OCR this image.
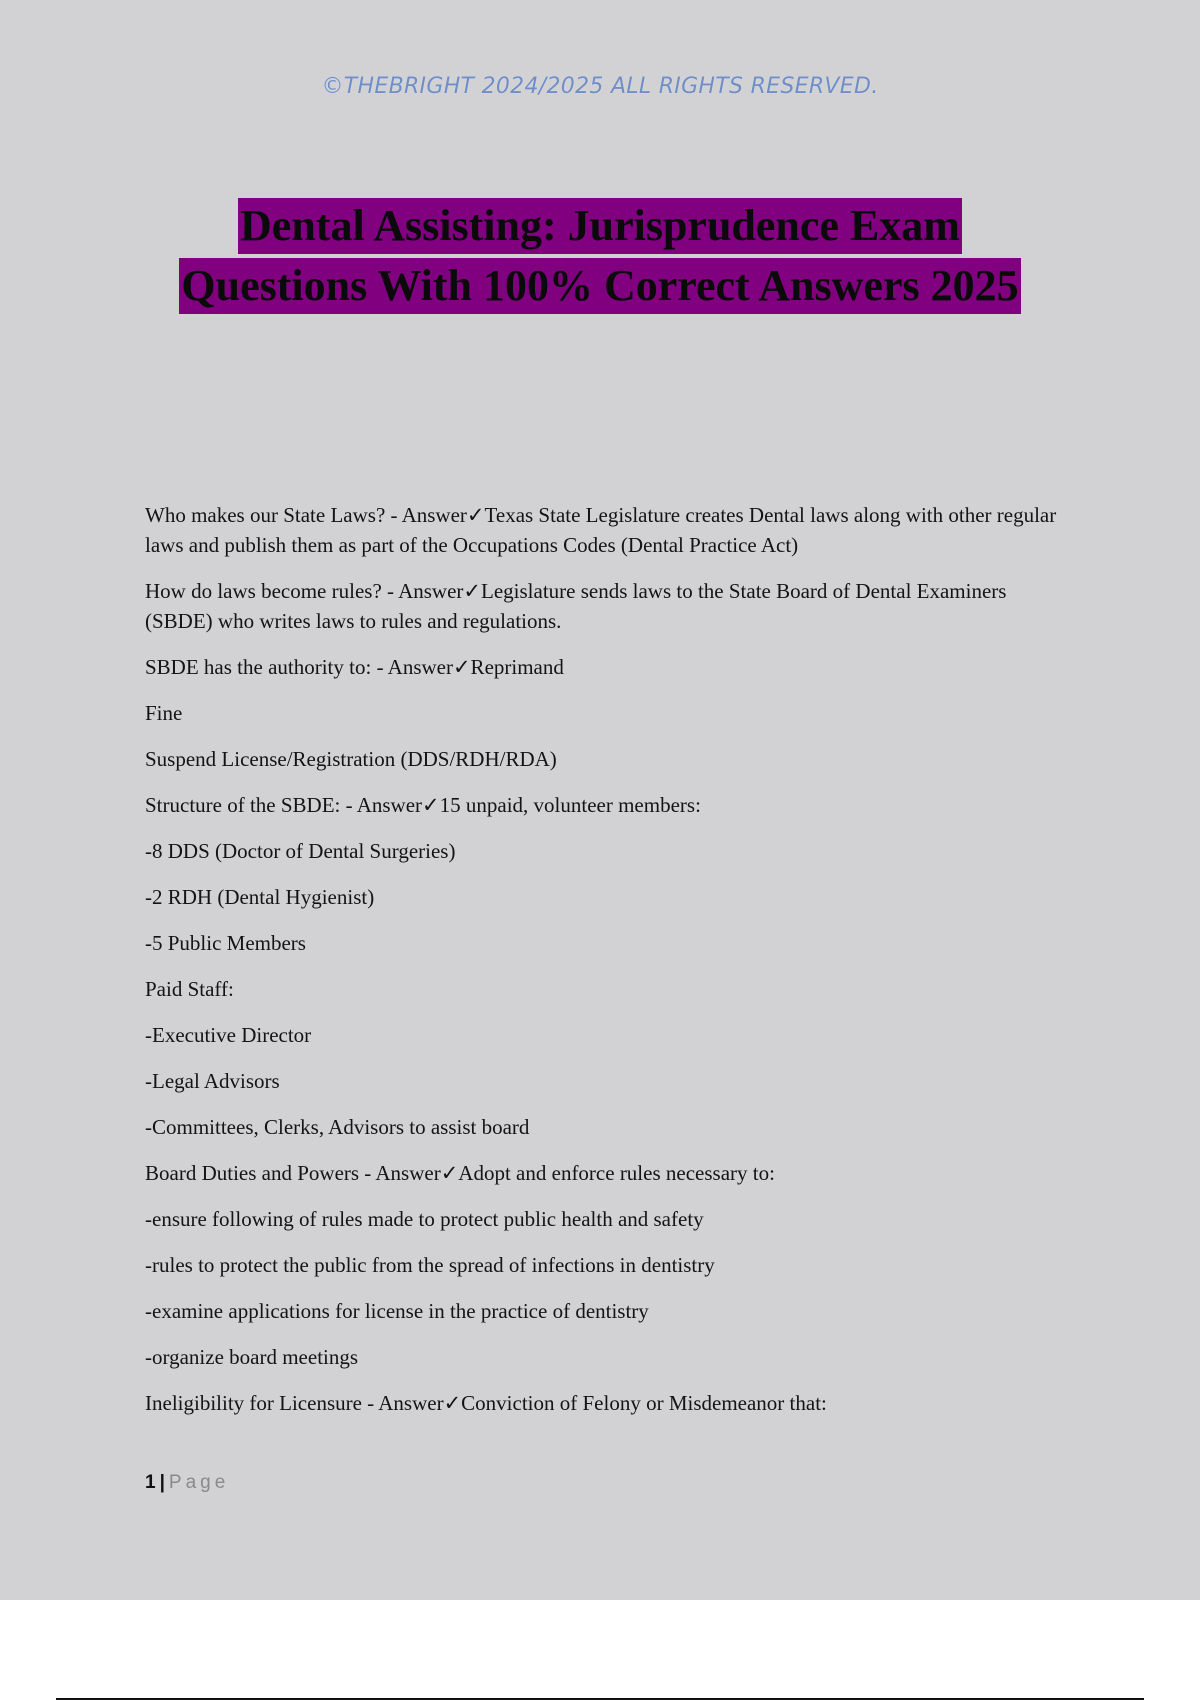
©THEBRIGHT 2024/2025 ALL RIGHTS RESERVED.
Dental Assisting: Jurisprudence Exam
Questions With 100% Correct Answers 2025

Who makes our State Laws? - Answer✓Texas State Legislature creates Dental laws along with other regular laws and publish them as part of the Occupations Codes (Dental Practice Act)

How do laws become rules? - Answer✓Legislature sends laws to the State Board of Dental Examiners (SBDE) who writes laws to rules and regulations.

SBDE has the authority to: - Answer✓Reprimand

Fine

Suspend License/Registration (DDS/RDH/RDA)

Structure of the SBDE: - Answer✓15 unpaid, volunteer members:

-8 DDS (Doctor of Dental Surgeries)

-2 RDH (Dental Hygienist)

-5 Public Members

Paid Staff:

-Executive Director

-Legal Advisors

-Committees, Clerks, Advisors to assist board

Board Duties and Powers - Answer✓Adopt and enforce rules necessary to:

-ensure following of rules made to protect public health and safety

-rules to protect the public from the spread of infections in dentistry

-examine applications for license in the practice of dentistry

-organize board meetings

Ineligibility for Licensure - Answer✓Conviction of Felony or Misdemeanor that:

1 | Page
